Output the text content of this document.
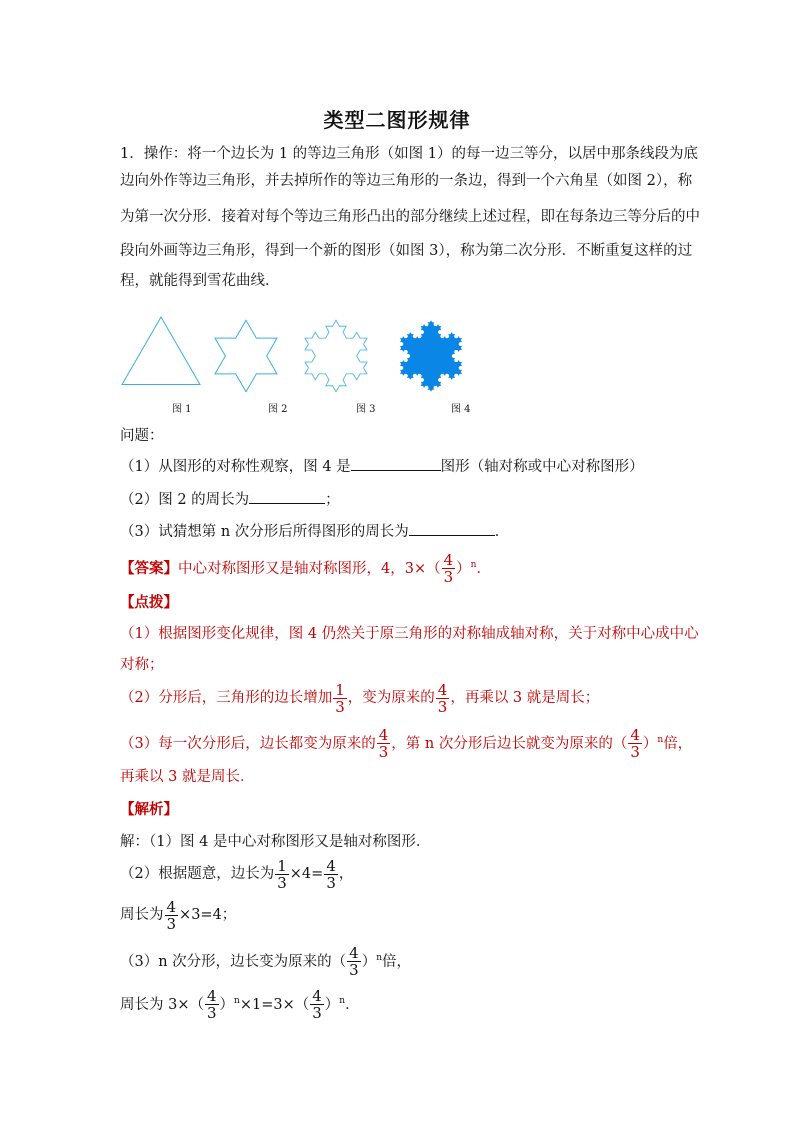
类型二图形规律
1．操作：将一个边长为 1 的等边三角形（如图 1）的每一边三等分，以居中那条线段为底
边向外作等边三角形，并去掉所作的等边三角形的一条边，得到一个六角星（如图 2），称
为第一次分形．接着对每个等边三角形凸出的部分继续上述过程，即在每条边三等分后的中
段向外画等边三角形，得到一个新的图形（如图 3），称为第二次分形．不断重复这样的过
程，就能得到雪花曲线．
图 1	图 2	图 3	图 4
问题：
（1）从图形的对称性观察，图 4 是	图形（轴对称或中心对称图形）
（2）图 2 的周长为	；
（3）试猜想第 n 次分形后所得图形的周长为	．
【答案】中心对称图形又是轴对称图形，4，$3\times( \frac{4}{3} )^n$．
【点拨】
（1）根据图形变化规律，图 4 仍然关于原三角形的对称轴成轴对称，关于对称中心成中心
对称；
（2）分形后，三角形的边长增加 $\frac{1}{3}$ ，变为原来的 $\frac{4}{3}$ ，再乘以 3 就是周长；
（3）每一次分形后，边长都变为原来的 $\frac{4}{3}$ ，第 n 次分形后边长就变为原来的（ $\frac{4}{3} )^n$倍，
再乘以 3 就是周长．
【解析】
解：（1）图 4 是中心对称图形又是轴对称图形．
（2）根据题意，边长为 $\frac{1}{3} \times 4= \frac{4}{3}$ ，
周长为 $\frac{4}{3} \times 3=4$；
（3）n 次分形，边长变为原来的（ $\frac{4}{3} )^n$倍，
周长为 $3\times( \frac{4}{3} )^n\times 1=3\times( \frac{4}{3} )^n$．
